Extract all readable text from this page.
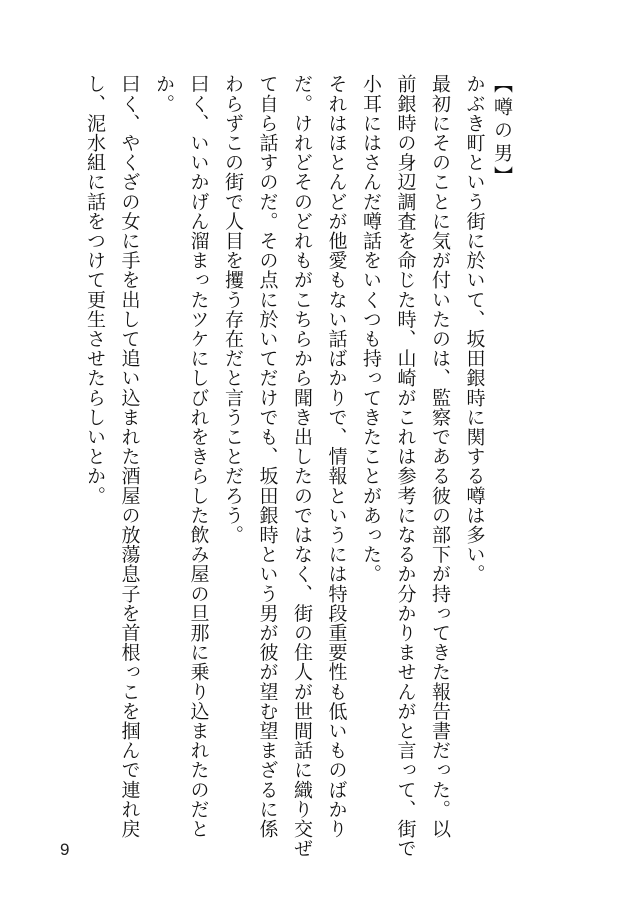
【噂の男】
かぶき町という街に於いて、坂田銀時に関する噂は多い。
最初にそのことに気が付いたのは、監察である彼の部下が持ってきた報告書だった。以
前銀時の身辺調査を命じた時、山崎がこれは参考になるか分かりませんがと言って、街で
小耳にはさんだ噂話をいくつも持ってきたことがあった。
それはほとんどが他愛もない話ばかりで、情報というには特段重要性も低いものばかり
だ。けれどそのどれもがこちらから聞き出したのではなく、街の住人が世間話に織り交ぜ
て自ら話すのだ。その点に於いてだけでも、坂田銀時という男が彼が望む望まざるに係
わらずこの街で人目を攫う存在だと言うことだろう。
曰く、いいかげん溜まったツケにしびれをきらした飲み屋の旦那に乗り込まれたのだと
か。
曰く、やくざの女に手を出して追い込まれた酒屋の放蕩息子を首根っこを掴んで連れ戻
し、泥水組に話をつけて更生させたらしいとか。
9
